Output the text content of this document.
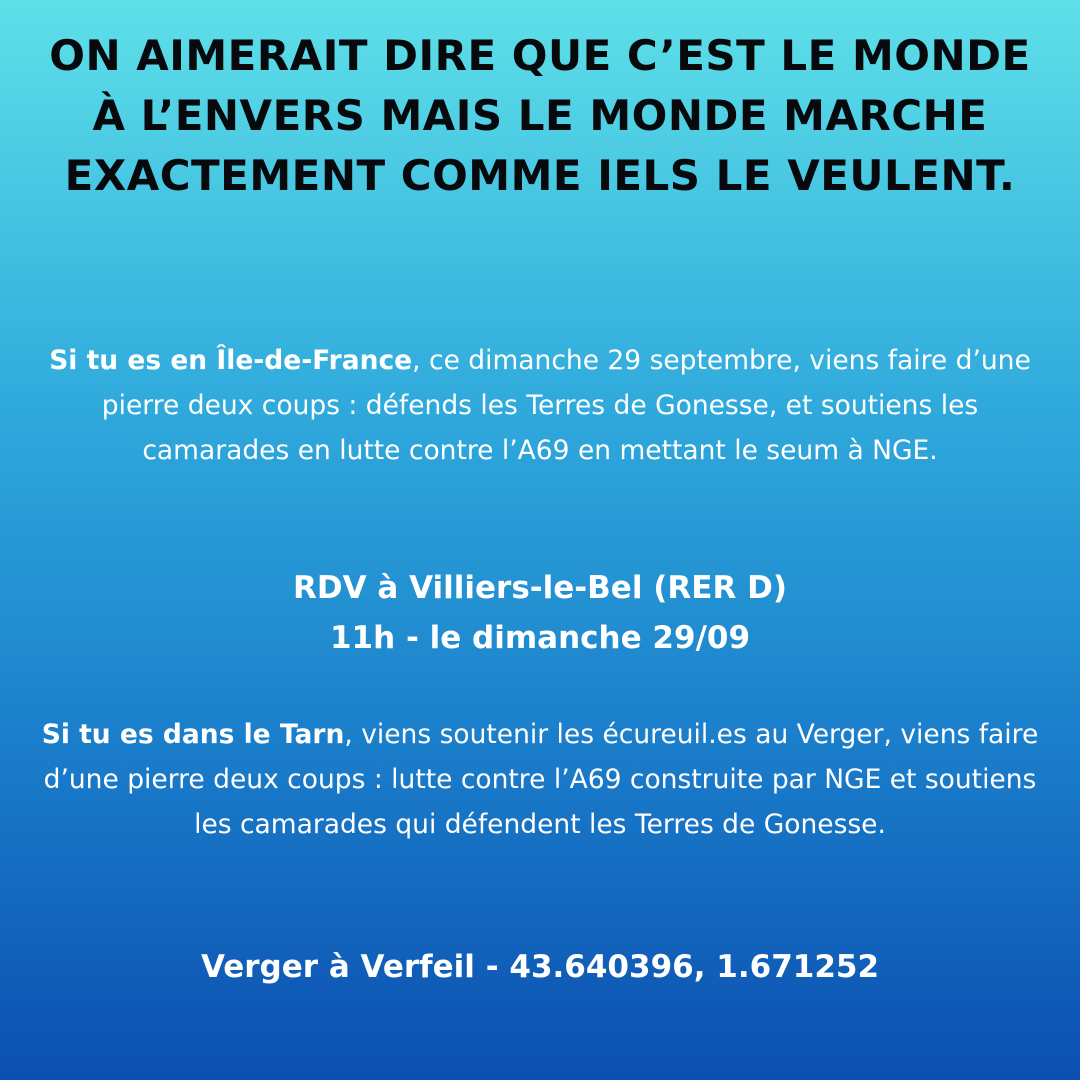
ON AIMERAIT DIRE QUE C’EST LE MONDE À L’ENVERS MAIS LE MONDE MARCHE EXACTEMENT COMME IELS LE VEULENT.

Si tu es en Île-de-France, ce dimanche 29 septembre, viens faire d’une pierre deux coups : défends les Terres de Gonesse, et soutiens les camarades en lutte contre l’A69 en mettant le seum à NGE.

RDV à Villiers-le-Bel (RER D)
11h - le dimanche 29/09

Si tu es dans le Tarn, viens soutenir les écureuil.es au Verger, viens faire d’une pierre deux coups : lutte contre l’A69 construite par NGE et soutiens les camarades qui défendent les Terres de Gonesse.

Verger à Verfeil - 43.640396, 1.671252
